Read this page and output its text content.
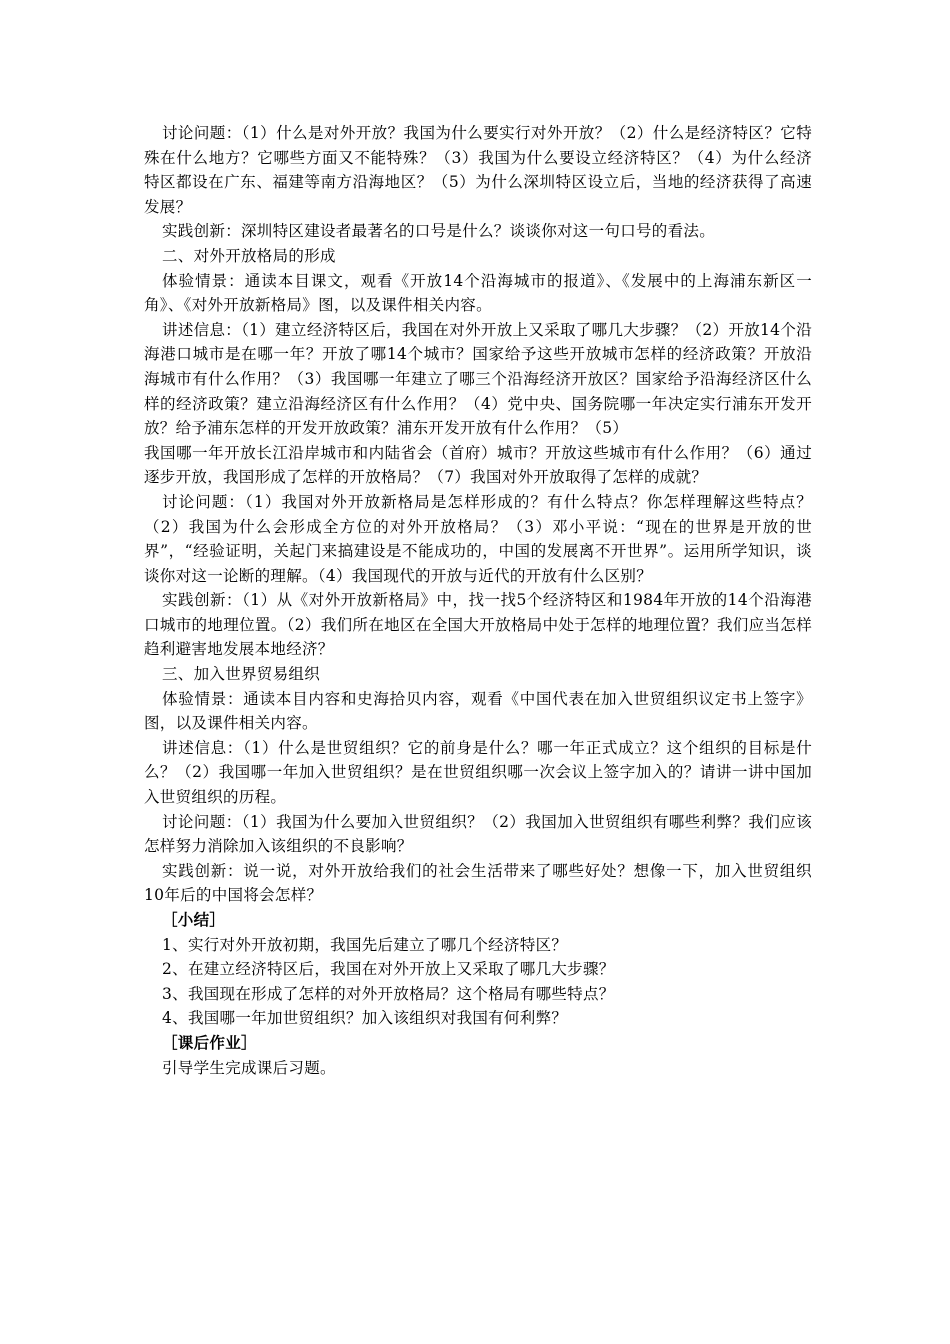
讨论问题：（1）什么是对外开放？我国为什么要实行对外开放？（2）什么是经济特区？它特殊在什么地方？它哪些方面又不能特殊？（3）我国为什么要设立经济特区？（4）为什么经济特区都设在广东、福建等南方沿海地区？（5）为什么深圳特区设立后，当地的经济获得了高速发展？

实践创新：深圳特区建设者最著名的口号是什么？谈谈你对这一句口号的看法。

二、对外开放格局的形成

体验情景：通读本目课文，观看《开放14个沿海城市的报道》、《发展中的上海浦东新区一角》、《对外开放新格局》图，以及课件相关内容。

讲述信息：（1）建立经济特区后，我国在对外开放上又采取了哪几大步骤？（2）开放14个沿海港口城市是在哪一年？开放了哪14个城市？国家给予这些开放城市怎样的经济政策？开放沿海城市有什么作用？（3）我国哪一年建立了哪三个沿海经济开放区？国家给予沿海经济区什么样的经济政策？建立沿海经济区有什么作用？（4）党中央、国务院哪一年决定实行浦东开发开放？给予浦东怎样的开发开放政策？浦东开发开放有什么作用？（5）

我国哪一年开放长江沿岸城市和内陆省会（首府）城市？开放这些城市有什么作用？（6）通过逐步开放，我国形成了怎样的开放格局？（7）我国对外开放取得了怎样的成就？

讨论问题：（1）我国对外开放新格局是怎样形成的？有什么特点？你怎样理解这些特点？（2）我国为什么会形成全方位的对外开放格局？（3）邓小平说：“现在的世界是开放的世界”，“经验证明，关起门来搞建设是不能成功的，中国的发展离不开世界”。运用所学知识，谈谈你对这一论断的理解。（4）我国现代的开放与近代的开放有什么区别？

实践创新：（1）从《对外开放新格局》中，找一找5个经济特区和1984年开放的14个沿海港口城市的地理位置。（2）我们所在地区在全国大开放格局中处于怎样的地理位置？我们应当怎样趋利避害地发展本地经济？

三、加入世界贸易组织

体验情景：通读本目内容和史海拾贝内容，观看《中国代表在加入世贸组织议定书上签字》图，以及课件相关内容。

讲述信息：（1）什么是世贸组织？它的前身是什么？哪一年正式成立？这个组织的目标是什么？（2）我国哪一年加入世贸组织？是在世贸组织哪一次会议上签字加入的？请讲一讲中国加入世贸组织的历程。

讨论问题：（1）我国为什么要加入世贸组织？（2）我国加入世贸组织有哪些利弊？我们应该怎样努力消除加入该组织的不良影响？

实践创新：说一说，对外开放给我们的社会生活带来了哪些好处？想像一下，加入世贸组织10年后的中国将会怎样？

［小结］

1、实行对外开放初期，我国先后建立了哪几个经济特区？

2、在建立经济特区后，我国在对外开放上又采取了哪几大步骤？

3、我国现在形成了怎样的对外开放格局？这个格局有哪些特点？

4、我国哪一年加世贸组织？加入该组织对我国有何利弊？

［课后作业］

引导学生完成课后习题。
